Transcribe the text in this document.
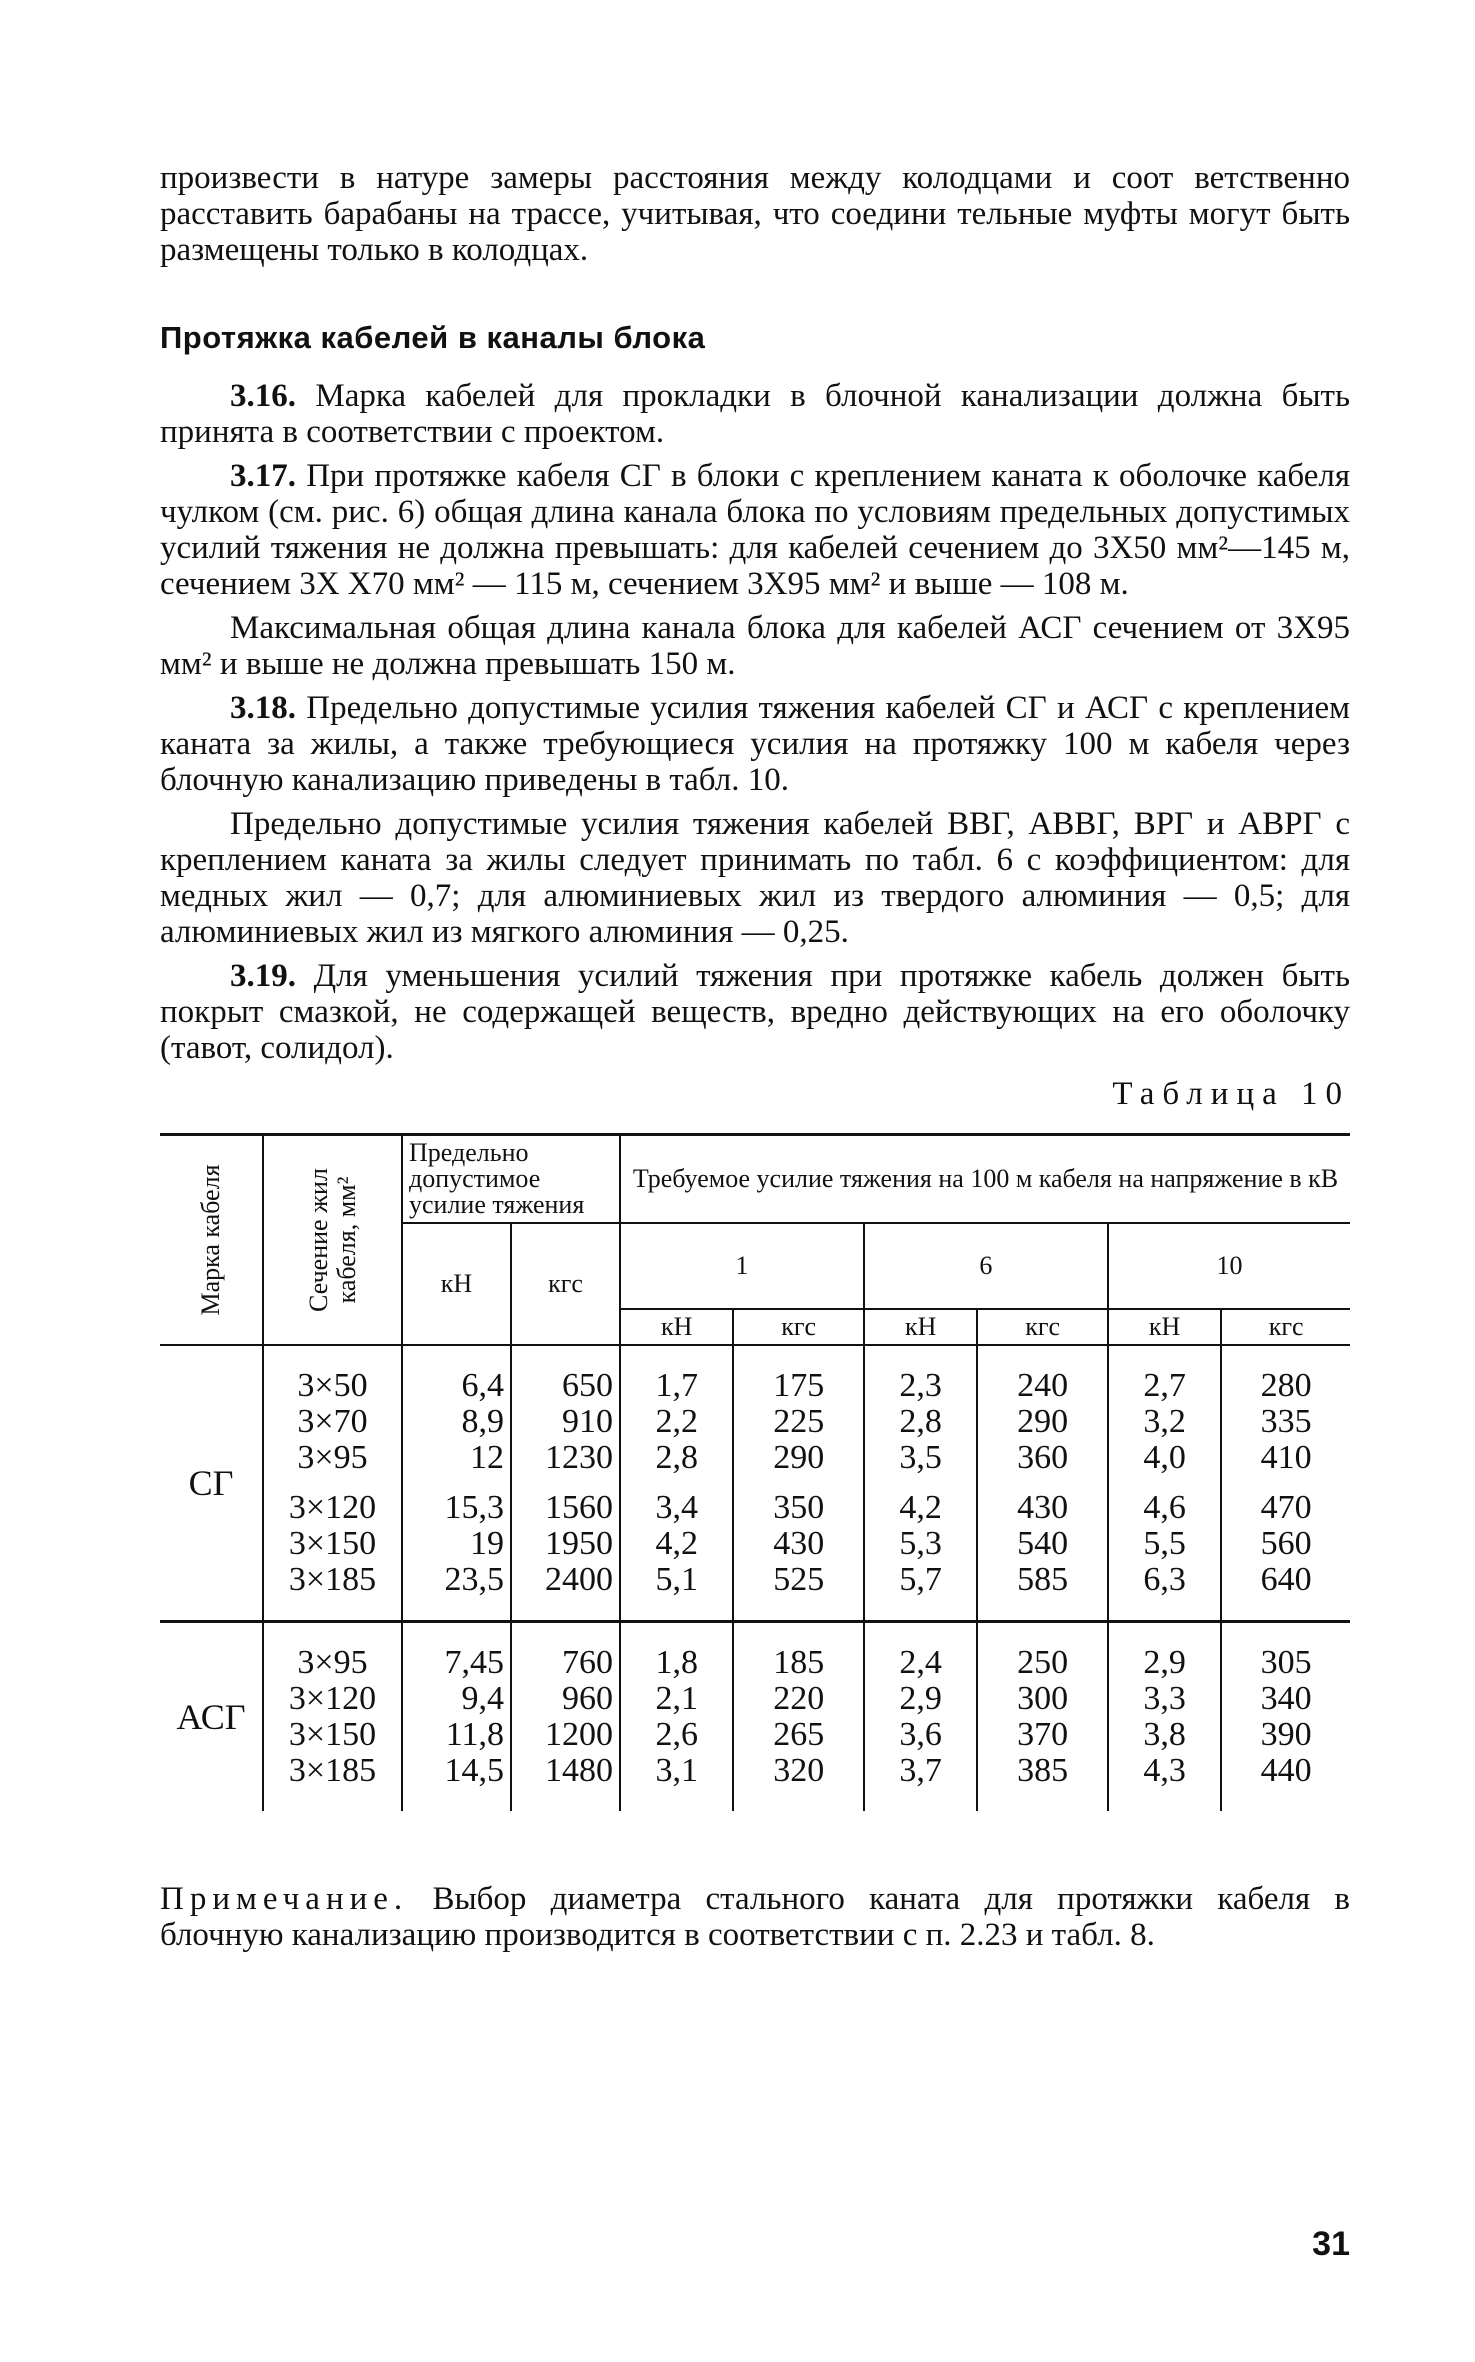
произвести в натуре замеры расстояния между колодцами и соот ветственно расставить барабаны на трассе, учитывая, что соедини тельные муфты могут быть размещены только в колодцах.

Протяжка кабелей в каналы блока

3.16. Марка кабелей для прокладки в блочной канализации должна быть принята в соответствии с проектом.

3.17. При протяжке кабеля СГ в блоки с креплением каната к оболочке кабеля чулком (см. рис. 6) общая длина канала блока по условиям предельных допустимых усилий тяжения не должна превышать: для кабелей сечением до 3Х50 мм²—145 м, сечением 3Х Х70 мм² — 115 м, сечением 3Х95 мм² и выше — 108 м.

Максимальная общая длина канала блока для кабелей АСГ сечением от 3Х95 мм² и выше не должна превышать 150 м.

3.18. Предельно допустимые усилия тяжения кабелей СГ и АСГ с креплением каната за жилы, а также требующиеся усилия на протяжку 100 м кабеля через блочную канализацию приведены в табл. 10.

Предельно допустимые усилия тяжения кабелей ВВГ, АВВГ, ВРГ и АВРГ с креплением каната за жилы следует принимать по табл. 6 с коэффициентом: для медных жил — 0,7; для алюминиевых жил из твердого алюминия — 0,5; для алюминиевых жил из мягкого алюминия — 0,25.

3.19. Для уменьшения усилий тяжения при протяжке кабель должен быть покрыт смазкой, не содержащей веществ, вредно действующих на его оболочку (тавот, солидол).

Таблица 10
Марка кабеля	Сечение жил кабеля, мм²	Предельно допустимое усилие тяжения		Требуемое усилие тяжения на 100 м кабеля на напряжение в кВ					
		кН	кгс	1		6		10	
				кН	кгс	кН	кгс	кН	кгс

СГ	3×50	6,4	650	1,7	175	2,3	240	2,7	280
	3×70	8,9	910	2,2	225	2,8	290	3,2	335
	3×95	12	1230	2,8	290	3,5	360	4,0	410
	3×120	15,3	1560	3,4	350	4,2	430	4,6	470
	3×150	19	1950	4,2	430	5,3	540	5,5	560
	3×185	23,5	2400	5,1	525	5,7	585	6,3	640

АСГ	3×95	7,45	760	1,8	185	2,4	250	2,9	305
	3×120	9,4	960	2,1	220	2,9	300	3,3	340
	3×150	11,8	1200	2,6	265	3,6	370	3,8	390
	3×185	14,5	1480	3,1	320	3,7	385	4,3	440

Примечание. Выбор диаметра стального каната для протяжки кабеля в блочную канализацию производится в соответствии с п. 2.23 и табл. 8.

31
